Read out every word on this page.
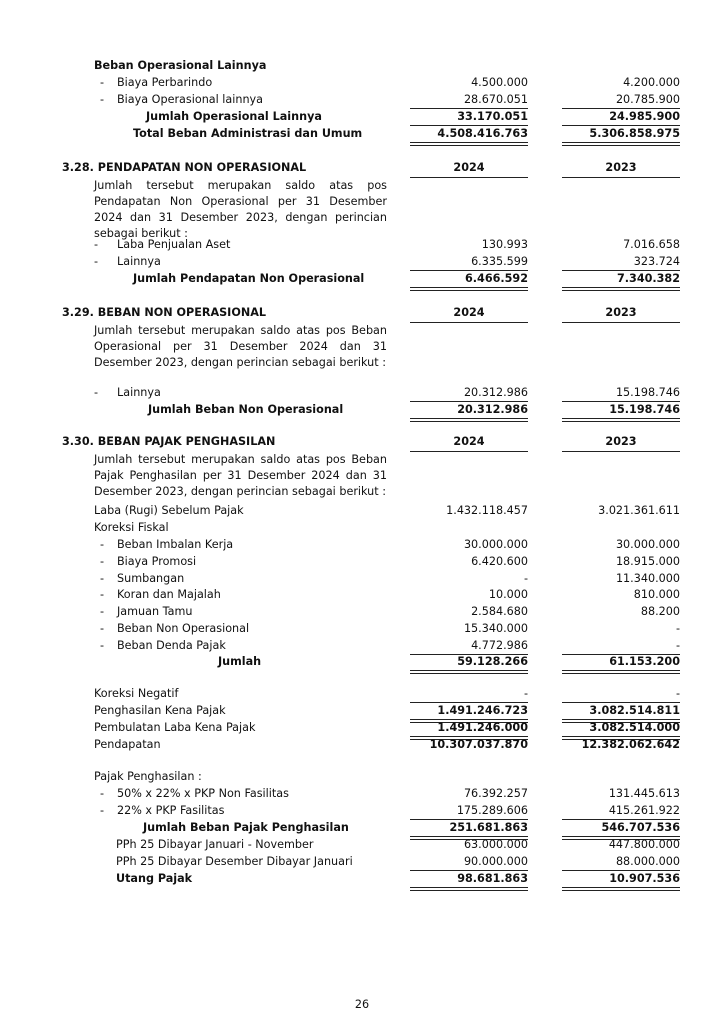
Beban Operasional Lainnya
- Biaya Perbarindo	4.500.000	4.200.000
- Biaya Operasional lainnya	28.670.051	20.785.900
Jumlah Operasional Lainnya	33.170.051	24.985.900
Total Beban Administrasi dan Umum	4.508.416.763	5.306.858.975
3.28. PENDAPATAN NON OPERASIONAL	2024	2023
Jumlah tersebut merupakan saldo atas pos Pendapatan Non Operasional per 31 Desember 2024 dan 31 Desember 2023, dengan perincian sebagai berikut :
- Laba Penjualan Aset	130.993	7.016.658
- Lainnya	6.335.599	323.724
Jumlah Pendapatan Non Operasional	6.466.592	7.340.382
3.29. BEBAN NON OPERASIONAL	2024	2023
Jumlah tersebut merupakan saldo atas pos Beban Operasional per 31 Desember 2024 dan 31 Desember 2023, dengan perincian sebagai berikut :
- Lainnya	20.312.986	15.198.746
Jumlah Beban Non Operasional	20.312.986	15.198.746
3.30. BEBAN PAJAK PENGHASILAN	2024	2023
Jumlah tersebut merupakan saldo atas pos Beban Pajak Penghasilan per 31 Desember 2024 dan 31 Desember 2023, dengan perincian sebagai berikut :
Laba (Rugi) Sebelum Pajak	1.432.118.457	3.021.361.611
Koreksi Fiskal
- Beban Imbalan Kerja	30.000.000	30.000.000
- Biaya Promosi	6.420.600	18.915.000
- Sumbangan	-	11.340.000
- Koran dan Majalah	10.000	810.000
- Jamuan Tamu	2.584.680	88.200
- Beban Non Operasional	15.340.000	-
- Beban Denda Pajak	4.772.986	-
Jumlah	59.128.266	61.153.200
Koreksi Negatif	-	-
Penghasilan Kena Pajak	1.491.246.723	3.082.514.811
Pembulatan Laba Kena Pajak	1.491.246.000	3.082.514.000
Pendapatan	10.307.037.870	12.382.062.642
Pajak Penghasilan :
- 50% x 22% x PKP Non Fasilitas	76.392.257	131.445.613
- 22% x PKP Fasilitas	175.289.606	415.261.922
Jumlah Beban Pajak Penghasilan	251.681.863	546.707.536
PPh 25 Dibayar Januari - November	63.000.000	447.800.000
PPh 25 Dibayar Desember Dibayar Januari	90.000.000	88.000.000
Utang Pajak	98.681.863	10.907.536
26
